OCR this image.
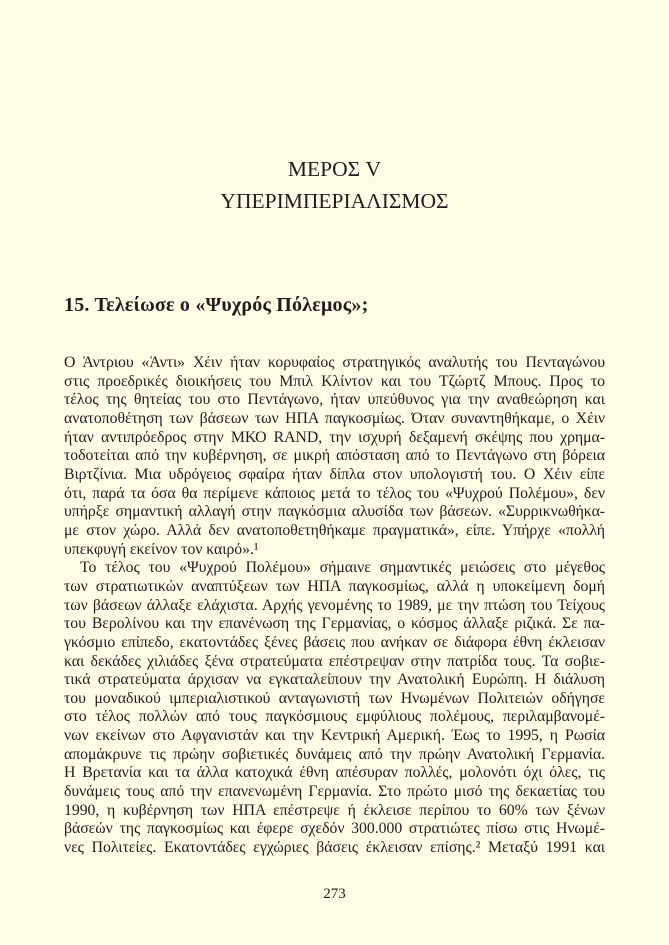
ΜΕΡΟΣ V
ΥΠΕΡΙΜΠΕΡΙΑΛΙΣΜΟΣ
15. Τελείωσε ο «Ψυχρός Πόλεμος»;
Ο Άντριου «Άντι» Χέιν ήταν κορυφαίος στρατηγικός αναλυτής του Πενταγώνου
στις προεδρικές διοικήσεις του Μπιλ Κλίντον και του Τζώρτζ Μπους. Προς το
τέλος της θητείας του στο Πεντάγωνο, ήταν υπεύθυνος για την αναθεώρηση και
ανατοποθέτηση των βάσεων των ΗΠΑ παγκοσμίως. Όταν συναντηθήκαμε, ο Χέιν
ήταν αντιπρόεδρος στην ΜΚΟ RAND, την ισχυρή δεξαμενή σκέψης που χρημα-
τοδοτείται από την κυβέρνηση, σε μικρή απόσταση από το Πεντάγωνο στη βόρεια
Βιρτζίνια. Μια υδρόγειος σφαίρα ήταν δίπλα στον υπολογιστή του. Ο Χέιν είπε
ότι, παρά τα όσα θα περίμενε κάποιος μετά το τέλος του «Ψυχρού Πολέμου», δεν
υπήρξε σημαντική αλλαγή στην παγκόσμια αλυσίδα των βάσεων. «Συρρικνωθήκα-
με στον χώρο. Αλλά δεν ανατοποθετηθήκαμε πραγματικά», είπε. Υπήρχε «πολλή
υπεκφυγή εκείνον τον καιρό».¹
Το τέλος του «Ψυχρού Πολέμου» σήμαινε σημαντικές μειώσεις στο μέγεθος
των στρατιωτικών αναπτύξεων των ΗΠΑ παγκοσμίως, αλλά η υποκείμενη δομή
των βάσεων άλλαξε ελάχιστα. Αρχής γενομένης το 1989, με την πτώση του Τείχους
του Βερολίνου και την επανένωση της Γερμανίας, ο κόσμος άλλαξε ριζικά. Σε πα-
γκόσμιο επίπεδο, εκατοντάδες ξένες βάσεις που ανήκαν σε διάφορα έθνη έκλεισαν
και δεκάδες χιλιάδες ξένα στρατεύματα επέστρεψαν στην πατρίδα τους. Τα σοβιε-
τικά στρατεύματα άρχισαν να εγκαταλείπουν την Ανατολική Ευρώπη. Η διάλυση
του μοναδικού ιμπεριαλιστικού ανταγωνιστή των Ηνωμένων Πολιτειών οδήγησε
στο τέλος πολλών από τους παγκόσμιους εμφύλιους πολέμους, περιλαμβανομέ-
νων εκείνων στο Αφγανιστάν και την Κεντρική Αμερική. Έως το 1995, η Ρωσία
απομάκρυνε τις πρώην σοβιετικές δυνάμεις από την πρώην Ανατολική Γερμανία.
Η Βρετανία και τα άλλα κατοχικά έθνη απέσυραν πολλές, μολονότι όχι όλες, τις
δυνάμεις τους από την επανενωμένη Γερμανία. Στο πρώτο μισό της δεκαετίας του
1990, η κυβέρνηση των ΗΠΑ επέστρεψε ή έκλεισε περίπου το 60% των ξένων
βάσεών της παγκοσμίως και έφερε σχεδόν 300.000 στρατιώτες πίσω στις Ηνωμέ-
νες Πολιτείες. Εκατοντάδες εγχώριες βάσεις έκλεισαν επίσης.² Μεταξύ 1991 και
273
